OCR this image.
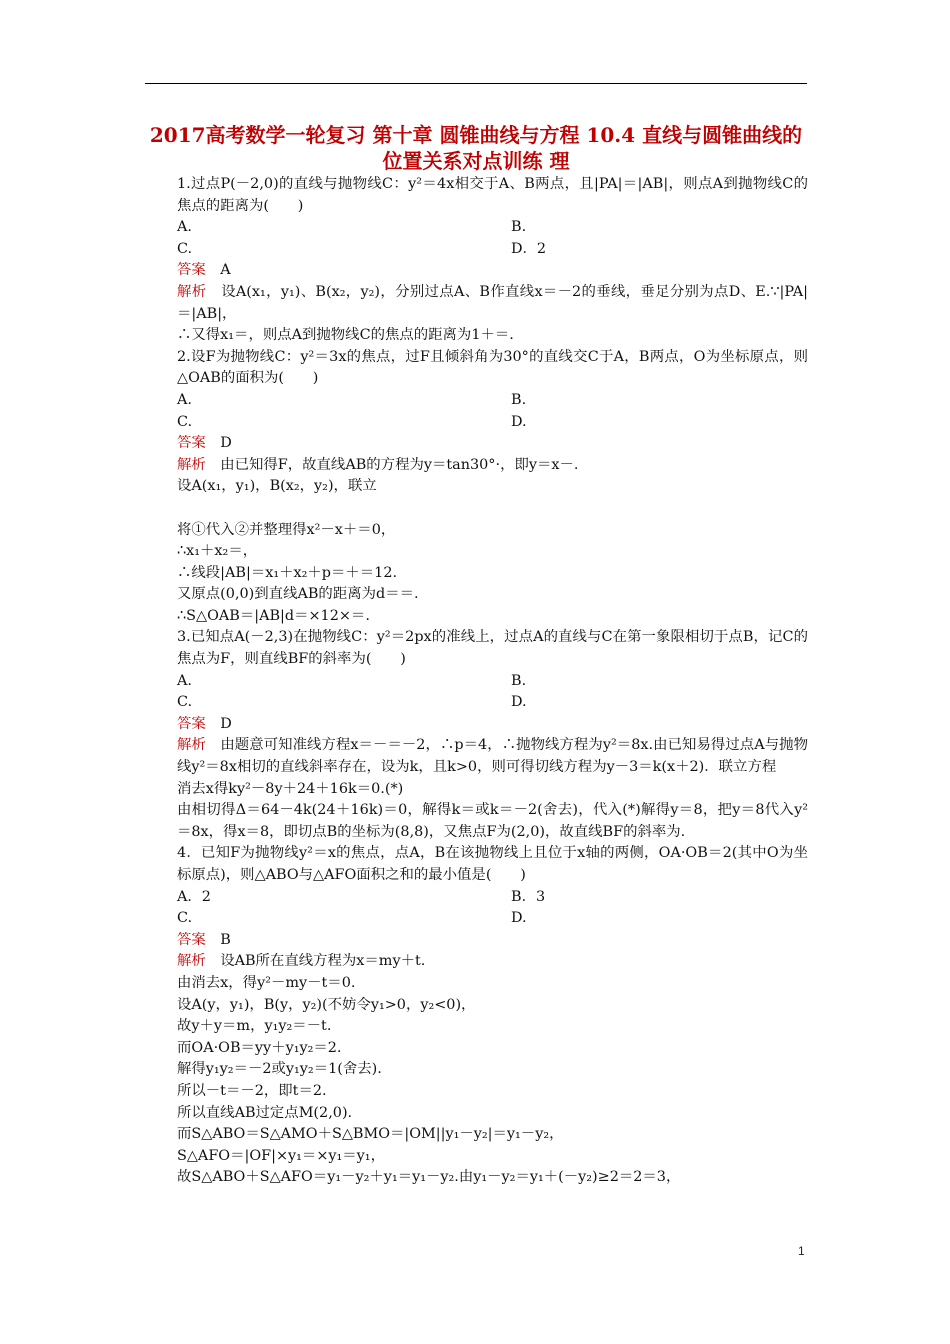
2017高考数学一轮复习 第十章 圆锥曲线与方程 10.4 直线与圆锥曲线的位置关系对点训练 理
1.过点P(－2,0)的直线与抛物线C：y²＝4x相交于A、B两点，且|PA|＝|AB|，则点A到抛物线C的焦点的距离为(　　)
A.	B.
C.	D．2
答案　 A
解析　 设A(x₁，y₁)、B(x₂，y₂)，分别过点A、B作直线x＝－2的垂线，垂足分别为点D、E.∵|PA|＝|AB|，
∴又得x₁＝，则点A到抛物线C的焦点的距离为1＋＝.
2.设F为抛物线C：y²＝3x的焦点，过F且倾斜角为30°的直线交C于A，B两点，O为坐标原点，则△OAB的面积为(　　)
A.	B.
C.	D.
答案　 D
解析　 由已知得F，故直线AB的方程为y＝tan30°·，即y＝x－.
设A(x₁，y₁)，B(x₂，y₂)，联立
将①代入②并整理得x²－x＋＝0，
∴x₁＋x₂＝，
∴线段|AB|＝x₁＋x₂＋p＝＋＝12.
又原点(0,0)到直线AB的距离为d＝＝.
∴S△OAB＝|AB|d＝×12×＝.
3.已知点A(－2,3)在抛物线C：y²＝2px的准线上，过点A的直线与C在第一象限相切于点B，记C的焦点为F，则直线BF的斜率为(　　)
A.	B.
C.	D.
答案　 D
解析　 由题意可知准线方程x＝－＝－2，∴p＝4，∴抛物线方程为y²＝8x.由已知易得过点A与抛物线y²＝8x相切的直线斜率存在，设为k，且k>0，则可得切线方程为y－3＝k(x＋2)．联立方程
消去x得ky²－8y＋24＋16k＝0.(*)
由相切得Δ＝64－4k(24＋16k)＝0，解得k＝或k＝－2(舍去)，代入(*)解得y＝8，把y＝8代入y²＝8x，得x＝8，即切点B的坐标为(8,8)，又焦点F为(2,0)，故直线BF的斜率为.
4．已知F为抛物线y²＝x的焦点，点A，B在该抛物线上且位于x轴的两侧，OA·OB＝2(其中O为坐标原点)，则△ABO与△AFO面积之和的最小值是(　　)
A．2	B．3
C.	D.
答案　 B
解析　 设AB所在直线方程为x＝my＋t.
由消去x，得y²－my－t＝0.
设A(y，y₁)，B(y，y₂)(不妨令y₁>0，y₂<0)，
故y＋y＝m，y₁y₂＝－t.
而OA·OB＝yy＋y₁y₂＝2.
解得y₁y₂＝－2或y₁y₂＝1(舍去).
所以－t＝－2，即t＝2.
所以直线AB过定点M(2,0).
而S△ABO＝S△AMO＋S△BMO＝|OM||y₁－y₂|＝y₁－y₂，
S△AFO＝|OF|×y₁＝×y₁＝y₁，
故S△ABO＋S△AFO＝y₁－y₂＋y₁＝y₁－y₂.由y₁－y₂＝y₁＋(－y₂)≥2＝2＝3，
1
